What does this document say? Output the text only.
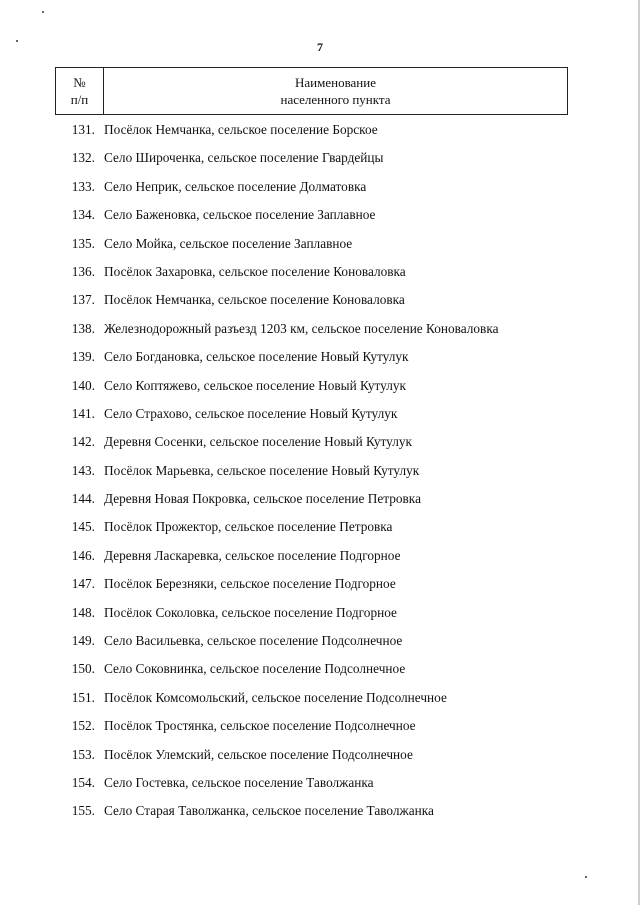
7
№
п/п
Наименование
населенного пункта
131. Посёлок Немчанка, сельское поселение Борское
132. Село Широченка, сельское поселение Гвардейцы
133. Село Неприк, сельское поселение Долматовка
134. Село Баженовка, сельское поселение Заплавное
135. Село Мойка, сельское поселение Заплавное
136. Посёлок Захаровка, сельское поселение Коноваловка
137. Посёлок Немчанка, сельское поселение Коноваловка
138. Железнодорожный разъезд 1203 км, сельское поселение Коноваловка
139. Село Богдановка, сельское поселение Новый Кутулук
140. Село Коптяжево, сельское поселение Новый Кутулук
141. Село Страхово, сельское поселение Новый Кутулук
142. Деревня Сосенки, сельское поселение Новый Кутулук
143. Посёлок Марьевка, сельское поселение Новый Кутулук
144. Деревня Новая Покровка, сельское поселение Петровка
145. Посёлок Прожектор, сельское поселение Петровка
146. Деревня Ласкаревка, сельское поселение Подгорное
147. Посёлок Березняки, сельское поселение Подгорное
148. Посёлок Соколовка, сельское поселение Подгорное
149. Село Васильевка, сельское поселение Подсолнечное
150. Село Соковнинка, сельское поселение Подсолнечное
151. Посёлок Комсомольский, сельское поселение Подсолнечное
152. Посёлок Тростянка, сельское поселение Подсолнечное
153. Посёлок Улемский, сельское поселение Подсолнечное
154. Село Гостевка, сельское поселение Таволжанка
155. Село Старая Таволжанка, сельское поселение Таволжанка
